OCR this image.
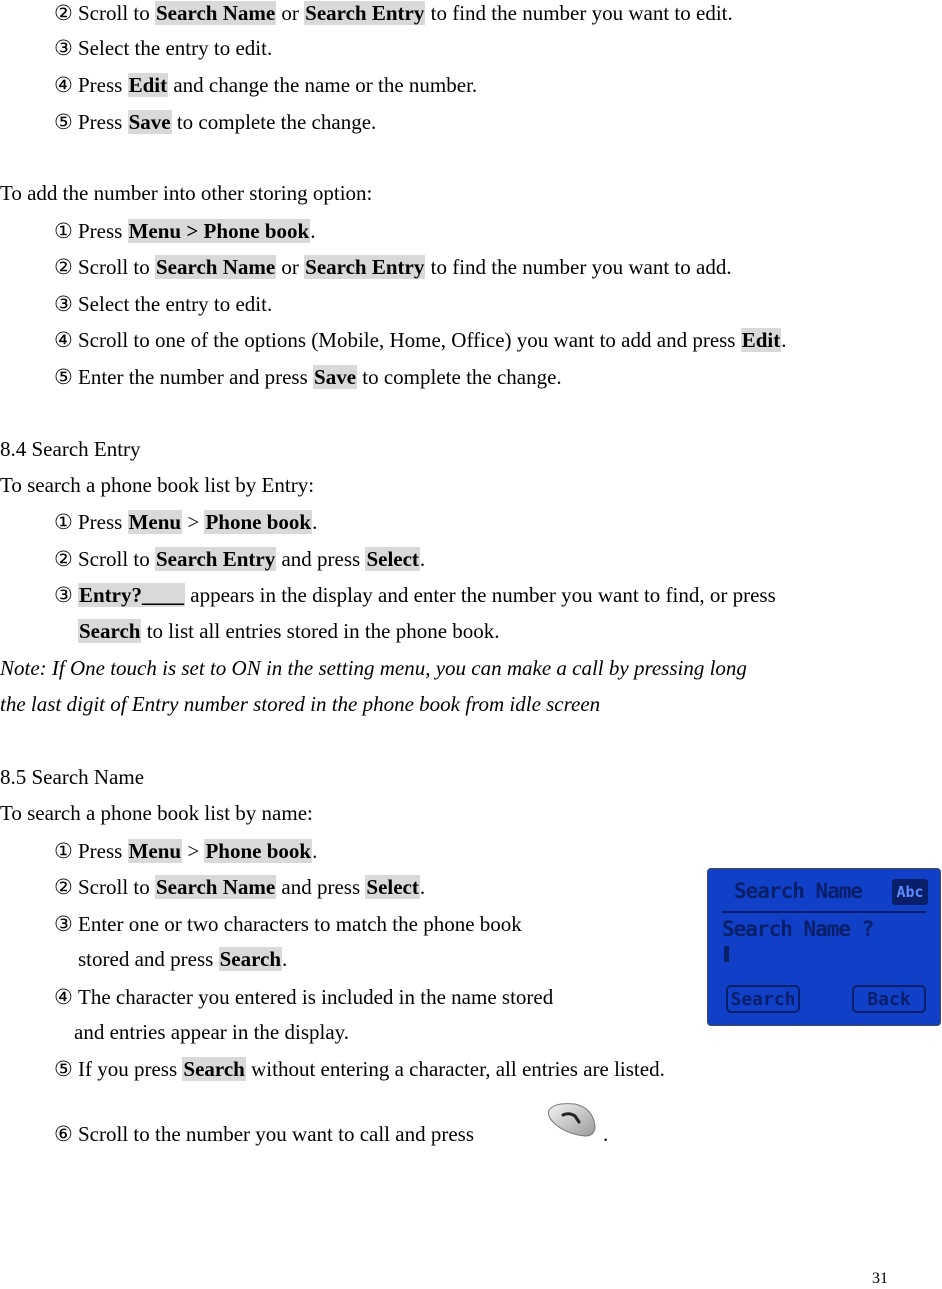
② Scroll to Search Name or Search Entry to find the number you want to edit.
③ Select the entry to edit.
④ Press Edit and change the name or the number.
⑤ Press Save to complete the change.
To add the number into other storing option:
① Press Menu > Phone book.
② Scroll to Search Name or Search Entry to find the number you want to add.
③ Select the entry to edit.
④ Scroll to one of the options (Mobile, Home, Office) you want to add and press Edit.
⑤ Enter the number and press Save to complete the change.
8.4 Search Entry
To search a phone book list by Entry:
① Press Menu > Phone book.
② Scroll to Search Entry and press Select.
③ Entry?____ appears in the display and enter the number you want to find, or press
Search to list all entries stored in the phone book.
Note: If One touch is set to ON in the setting menu, you can make a call by pressing long
the last digit of Entry number stored in the phone book from idle screen
8.5 Search Name
To search a phone book list by name:
① Press Menu > Phone book.
② Scroll to Search Name and press Select.
③ Enter one or two characters to match the phone book
stored and press Search.
④ The character you entered is included in the name stored
and entries appear in the display.
⑤ If you press Search without entering a character, all entries are listed.
⑥ Scroll to the number you want to call and press	.
Search Name Abc
Search Name ?
Search	Back
31
